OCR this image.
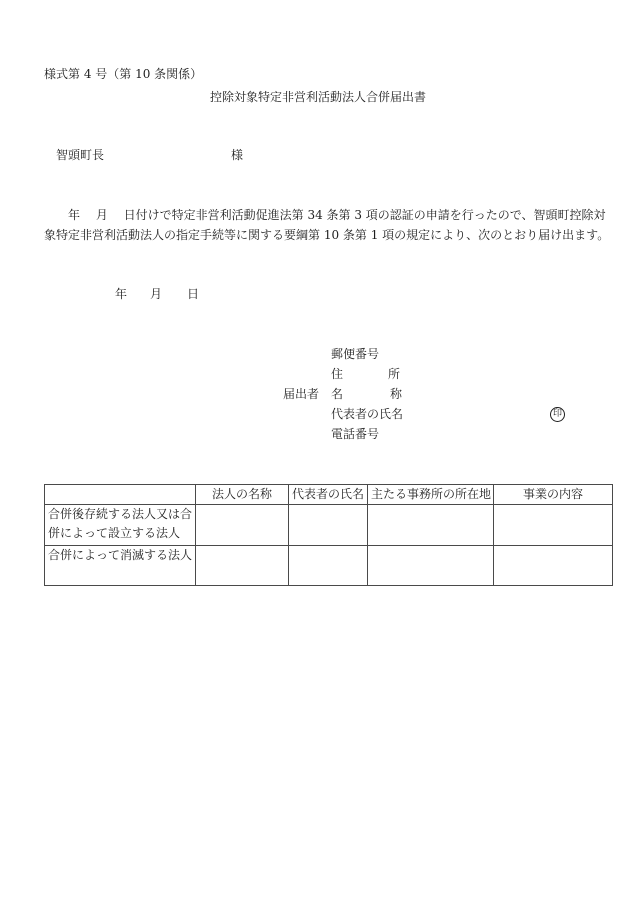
様式第 4 号（第 10 条関係）
控除対象特定非営利活動法人合併届出書
智頭町長	様
年　 月　 日付けで特定非営利活動促進法第 34 条第 3 項の認証の申請を行ったので、智頭町控除対
象特定非営利活動法人の指定手続等に関する要綱第 10 条第 1 項の規定により、次のとおり届け出ます。
年 月 日
郵便番号
住	所
届出者 名	称
代表者の氏名	印
電話番号
	法人の名称	代表者の氏名	主たる事務所の所在地	事業の内容

合併後存続する法人又は合
併によって設立する法人				

合併によって消滅する法人				
